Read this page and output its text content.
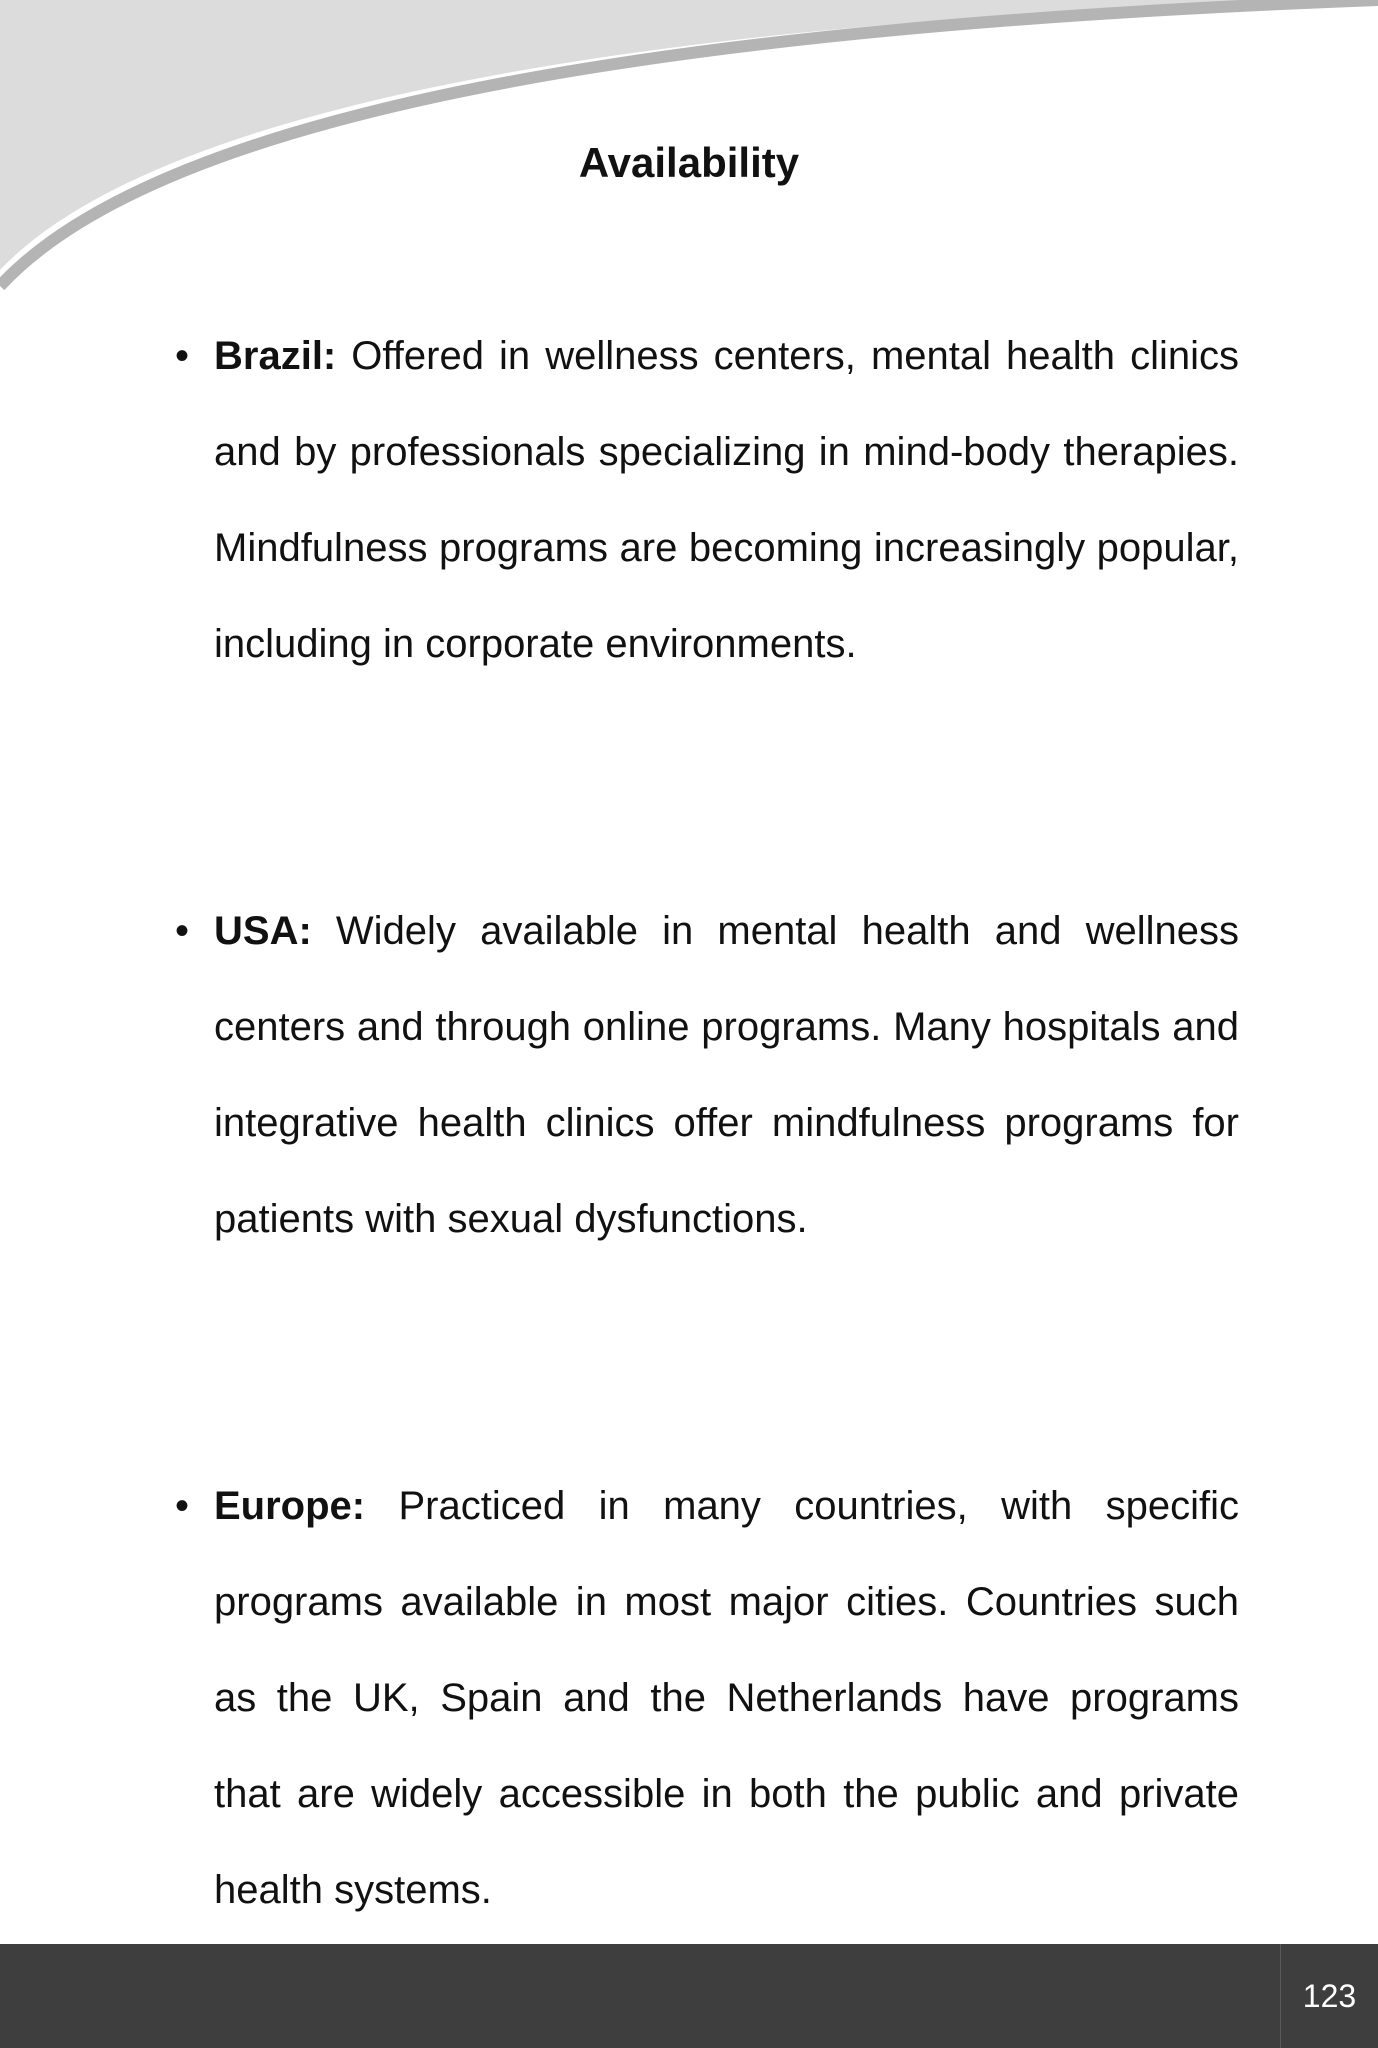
Availability
• Brazil: Offered in wellness centers, mental health clinics and by professionals specializing in mind-body therapies. Mindfulness programs are becoming increasingly popular, including in corporate environments.
• USA: Widely available in mental health and wellness centers and through online programs. Many hospitals and integrative health clinics offer mindfulness programs for patients with sexual dysfunctions.
• Europe: Practiced in many countries, with specific programs available in most major cities. Countries such as the UK, Spain and the Netherlands have programs that are widely accessible in both the public and private health systems.
123
